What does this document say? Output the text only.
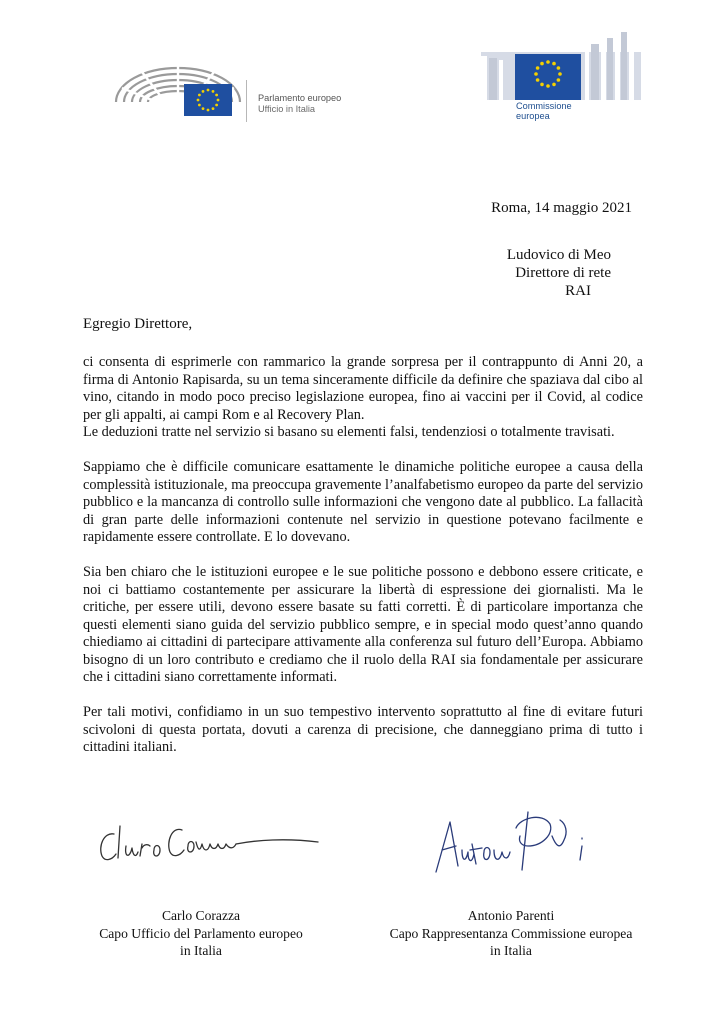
Parlamento europeo
Ufficio in Italia	Commissione
europea
Roma, 14 maggio 2021
Ludovico di Meo
Direttore di rete
RAI
Egregio Direttore,

ci consenta di esprimerle con rammarico la grande sorpresa per il contrappunto di Anni 20, a firma di Antonio Rapisarda, su un tema sinceramente difficile da definire che spaziava dal cibo al vino, citando in modo poco preciso legislazione europea, fino ai vaccini per il Covid, al codice per gli appalti, ai campi Rom e al Recovery Plan.

Le deduzioni tratte nel servizio si basano su elementi falsi, tendenziosi o totalmente travisati.

Sappiamo che è difficile comunicare esattamente le dinamiche politiche europee a causa della complessità istituzionale, ma preoccupa gravemente l’analfabetismo europeo da parte del servizio pubblico e la mancanza di controllo sulle informazioni che vengono date al pubblico. La fallacità di gran parte delle informazioni contenute nel servizio in questione potevano facilmente e rapidamente essere controllate. E lo dovevano.

Sia ben chiaro che le istituzioni europee e le sue politiche possono e debbono essere criticate, e noi ci battiamo costantemente per assicurare la libertà di espressione dei giornalisti. Ma le critiche, per essere utili, devono essere basate su fatti corretti. È di particolare importanza che questi elementi siano guida del servizio pubblico sempre, e in special modo quest’anno quando chiediamo ai cittadini di partecipare attivamente alla conferenza sul futuro dell’Europa. Abbiamo bisogno di un loro contributo e crediamo che il ruolo della RAI sia fondamentale per assicurare che i cittadini siano correttamente informati.

Per tali motivi, confidiamo in un suo tempestivo intervento soprattutto al fine di evitare futuri scivoloni di questa portata, dovuti a carenza di precisione, che danneggiano prima di tutto i cittadini italiani.

Carlo Corazza
Capo Ufficio del Parlamento europeo
in Italia
Antonio Parenti
Capo Rappresentanza Commissione europea
in Italia
